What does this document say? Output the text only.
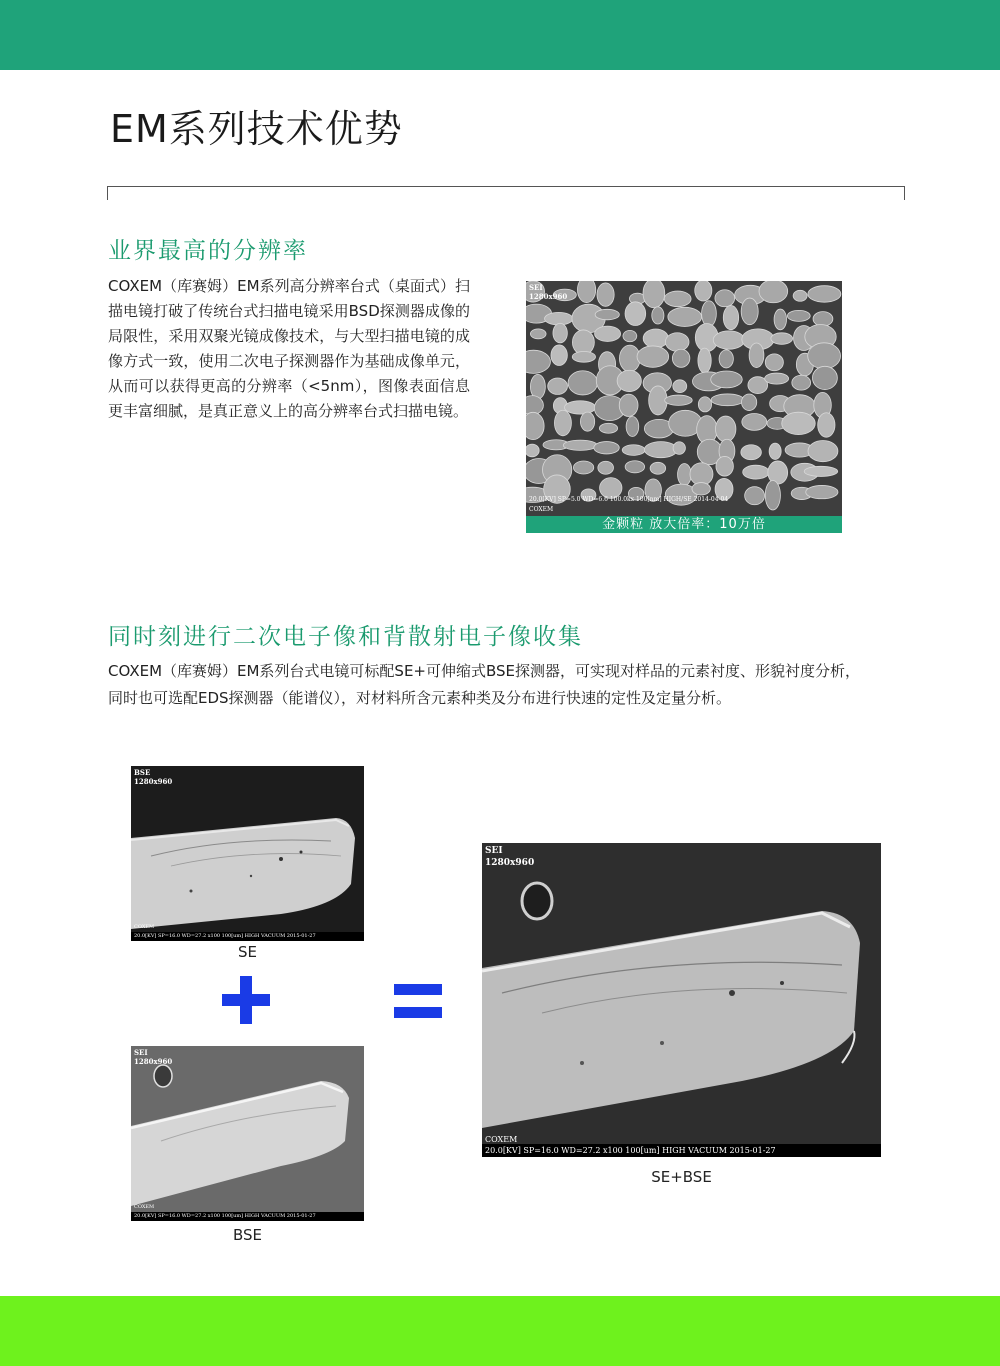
EM系列技术优势
业界最高的分辨率
COXEM（库赛姆）EM系列高分辨率台式（桌面式）扫描电镜打破了传统台式扫描电镜采用BSD探测器成像的局限性，采用双聚光镜成像技术，与大型扫描电镜的成像方式一致，使用二次电子探测器作为基础成像单元，从而可以获得更高的分辨率（<5nm），图像表面信息更丰富细腻，是真正意义上的高分辨率台式扫描电镜。
SEI
1280x960
20.0[KV] SP=5.0 WD=6.6 100.0kx 100[nm] HIGH/SE 2014-04-04
COXEM
金颗粒 放大倍率：10万倍
同时刻进行二次电子像和背散射电子像收集
COXEM（库赛姆）EM系列台式电镜可标配SE+可伸缩式BSE探测器，可实现对样品的元素衬度、形貌衬度分析，
同时也可选配EDS探测器（能谱仪），对材料所含元素种类及分布进行快速的定性及定量分析。
BSE
1280x960
COXEM
20.0[KV] SP=16.0 WD=27.2 x100 100[um] HIGH VACUUM 2015-01-27
SE
SEI
1280x960
COXEM
20.0[KV] SP=16.0 WD=27.2 x100 100[um] HIGH VACUUM 2015-01-27
BSE
SEI
1280x960
COXEM
20.0[KV] SP=16.0 WD=27.2 x100 100[um] HIGH VACUUM 2015-01-27
SE+BSE
